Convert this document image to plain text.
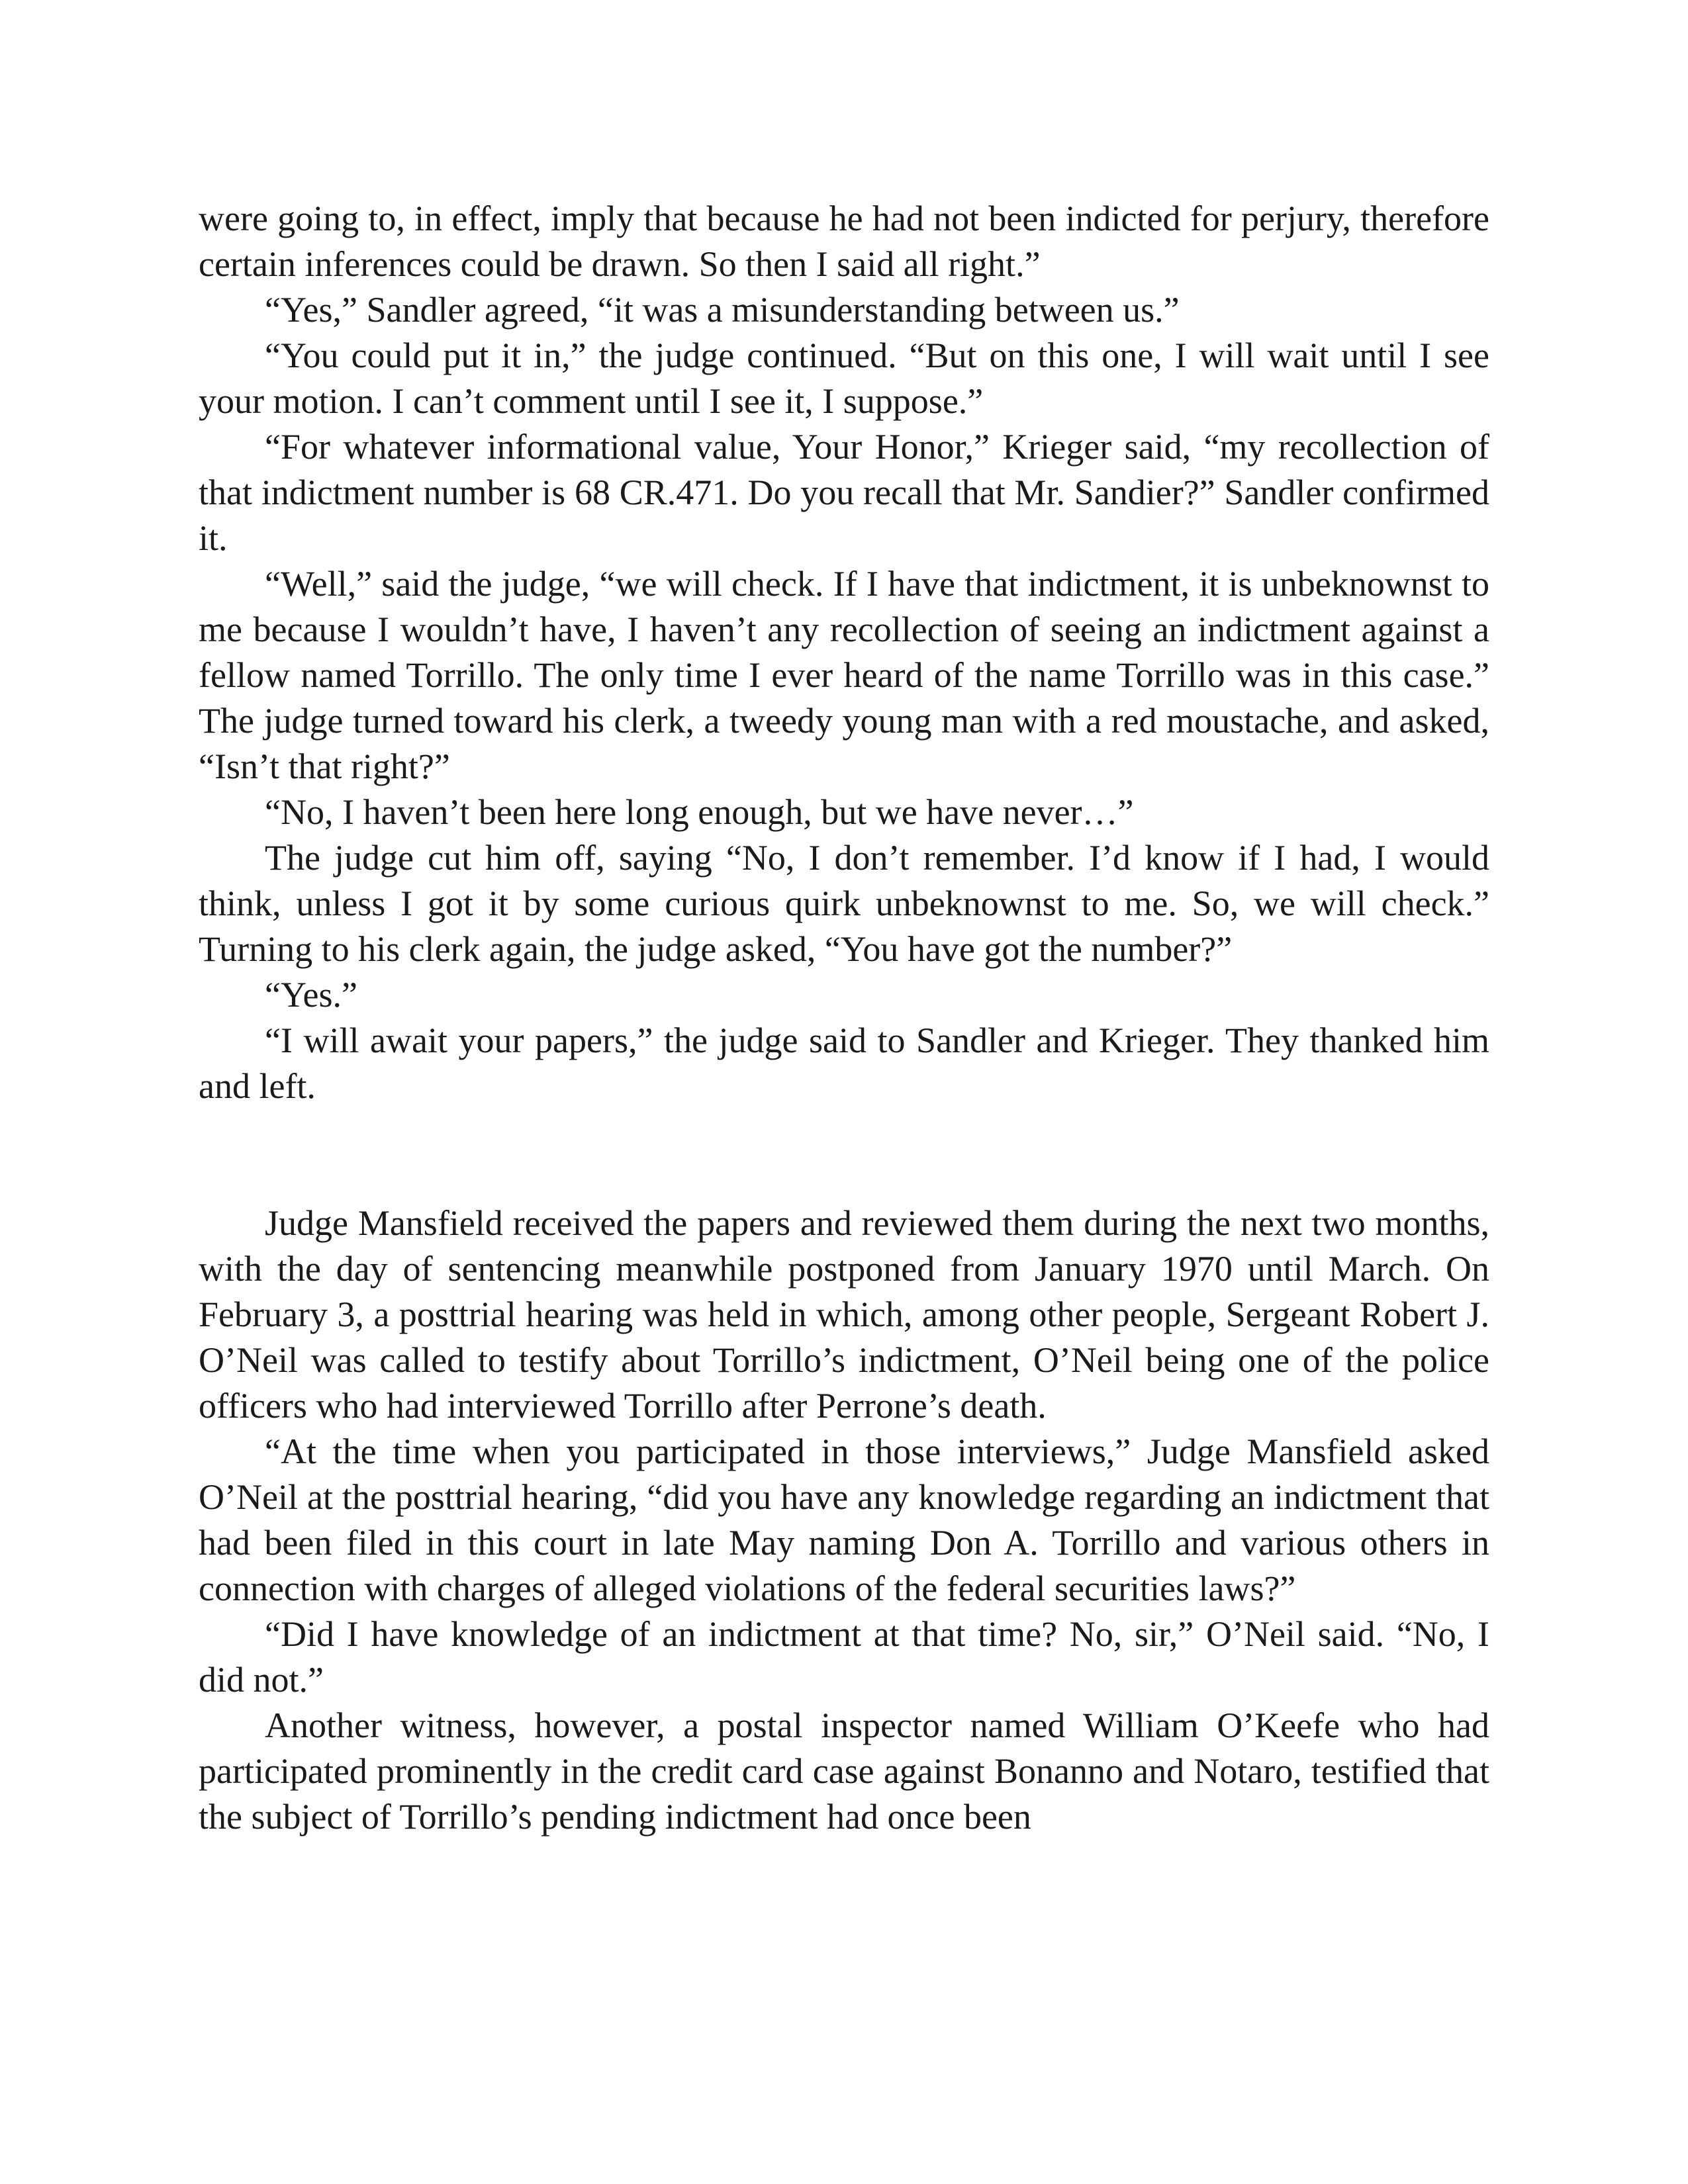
were going to, in effect, imply that because he had not been indicted for perjury, therefore certain inferences could be drawn. So then I said all right.”

“Yes,” Sandler agreed, “it was a misunderstanding between us.”

“You could put it in,” the judge continued. “But on this one, I will wait until I see your motion. I can’t comment until I see it, I suppose.”

“For whatever informational value, Your Honor,” Krieger said, “my recollection of that indictment number is 68 CR.471. Do you recall that Mr. Sandier?” Sandler confirmed it.

“Well,” said the judge, “we will check. If I have that indictment, it is unbeknownst to me because I wouldn’t have, I haven’t any recollection of seeing an indictment against a fellow named Torrillo. The only time I ever heard of the name Torrillo was in this case.” The judge turned toward his clerk, a tweedy young man with a red moustache, and asked, “Isn’t that right?”

“No, I haven’t been here long enough, but we have never…”

The judge cut him off, saying “No, I don’t remember. I’d know if I had, I would think, unless I got it by some curious quirk unbeknownst to me. So, we will check.” Turning to his clerk again, the judge asked, “You have got the number?”

“Yes.”

“I will await your papers,” the judge said to Sandler and Krieger. They thanked him and left.

Judge Mansfield received the papers and reviewed them during the next two months, with the day of sentencing meanwhile postponed from January 1970 until March. On February 3, a posttrial hearing was held in which, among other people, Sergeant Robert J. O’Neil was called to testify about Torrillo’s indictment, O’Neil being one of the police officers who had interviewed Torrillo after Perrone’s death.

“At the time when you participated in those interviews,” Judge Mansfield asked O’Neil at the posttrial hearing, “did you have any knowledge regarding an indictment that had been filed in this court in late May naming Don A. Torrillo and various others in connection with charges of alleged violations of the federal securities laws?”

“Did I have knowledge of an indictment at that time? No, sir,” O’Neil said. “No, I did not.”

Another witness, however, a postal inspector named William O’Keefe who had participated prominently in the credit card case against Bonanno and Notaro, testified that the subject of Torrillo’s pending indictment had once been
